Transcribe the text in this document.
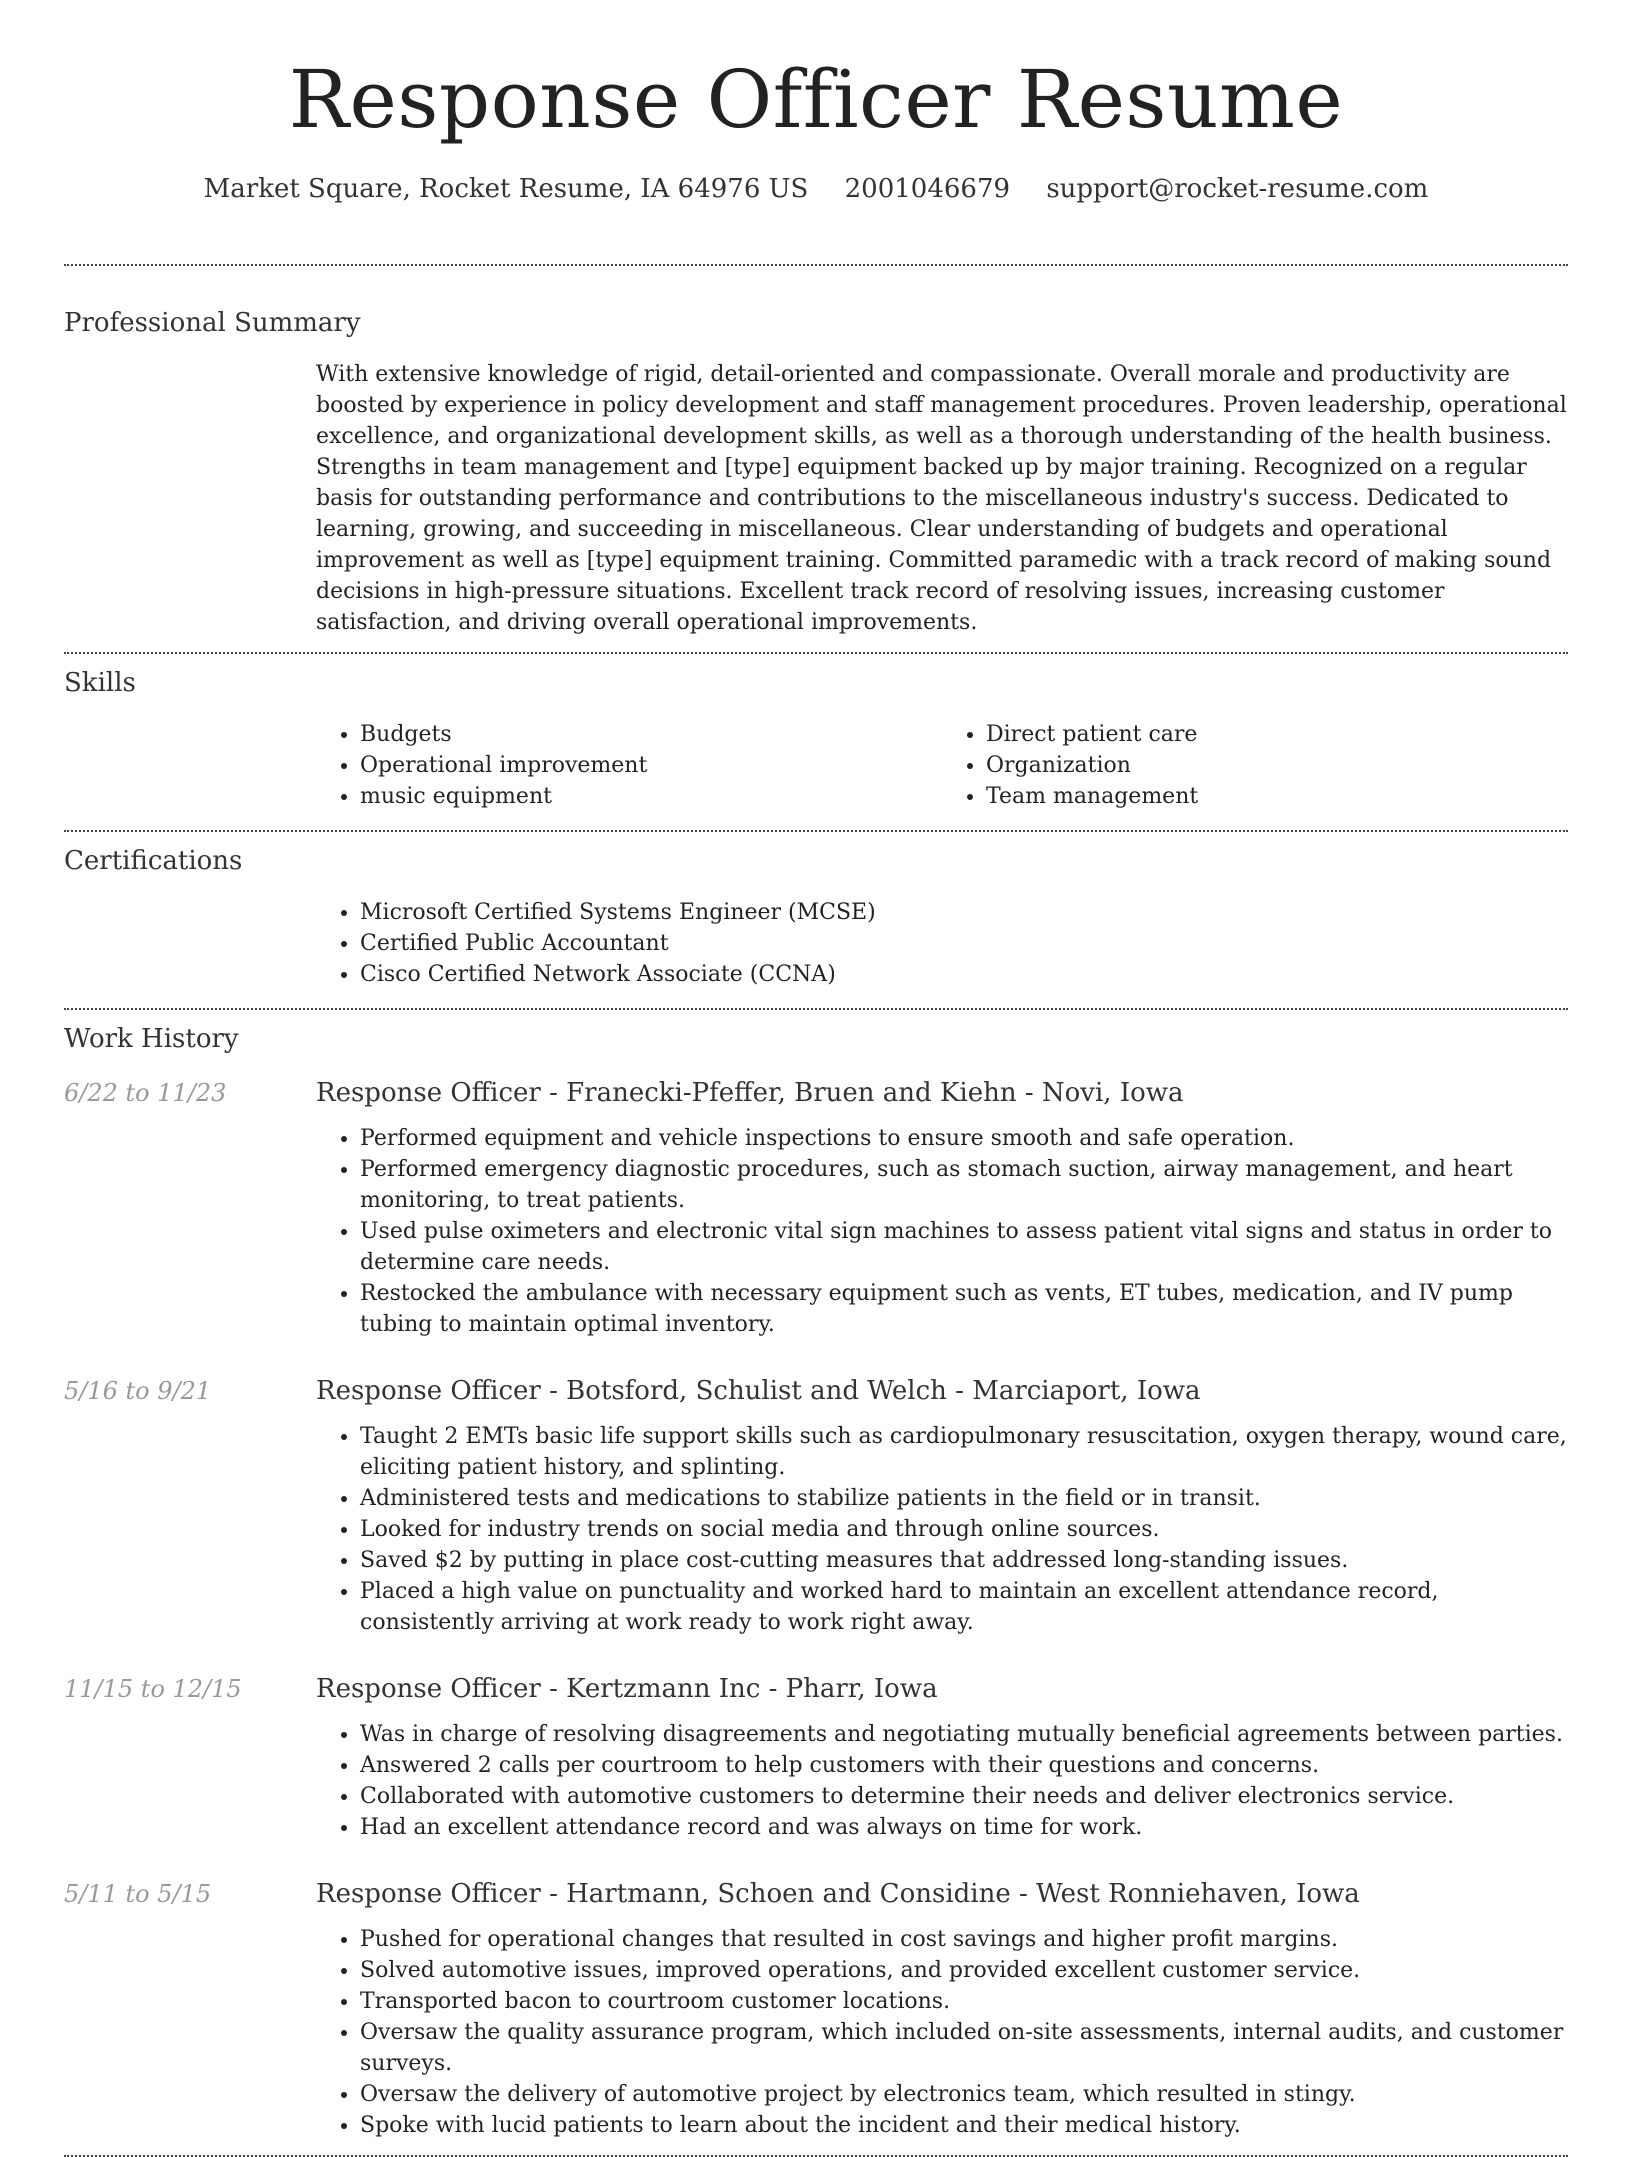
Response Officer Resume
Market Square, Rocket Resume, IA 64976 US 2001046679 support@rocket-resume.com
Professional Summary

With extensive knowledge of rigid, detail-oriented and compassionate. Overall morale and productivity are boosted by experience in policy development and staff management procedures. Proven leadership, operational excellence, and organizational development skills, as well as a thorough understanding of the health business. Strengths in team management and [type] equipment backed up by major training. Recognized on a regular basis for outstanding performance and contributions to the miscellaneous industry's success. Dedicated to learning, growing, and succeeding in miscellaneous. Clear understanding of budgets and operational improvement as well as [type] equipment training. Committed paramedic with a track record of making sound decisions in high-pressure situations. Excellent track record of resolving issues, increasing customer satisfaction, and driving overall operational improvements.

Skills
• Budgets
• Operational improvement
• music equipment
• Direct patient care
• Organization
• Team management
Certifications
• Microsoft Certified Systems Engineer (MCSE)
• Certified Public Accountant
• Cisco Certified Network Associate (CCNA)
Work History
6/22 to 11/23	Response Officer - Franecki-Pfeffer, Bruen and Kiehn - Novi, Iowa
• Performed equipment and vehicle inspections to ensure smooth and safe operation.
• Performed emergency diagnostic procedures, such as stomach suction, airway management, and heart monitoring, to treat patients.
• Used pulse oximeters and electronic vital sign machines to assess patient vital signs and status in order to determine care needs.
• Restocked the ambulance with necessary equipment such as vents, ET tubes, medication, and IV pump tubing to maintain optimal inventory.
5/16 to 9/21	Response Officer - Botsford, Schulist and Welch - Marciaport, Iowa
• Taught 2 EMTs basic life support skills such as cardiopulmonary resuscitation, oxygen therapy, wound care, eliciting patient history, and splinting.
• Administered tests and medications to stabilize patients in the field or in transit.
• Looked for industry trends on social media and through online sources.
• Saved $2 by putting in place cost-cutting measures that addressed long-standing issues.
• Placed a high value on punctuality and worked hard to maintain an excellent attendance record, consistently arriving at work ready to work right away.
11/15 to 12/15	Response Officer - Kertzmann Inc - Pharr, Iowa
• Was in charge of resolving disagreements and negotiating mutually beneficial agreements between parties.
• Answered 2 calls per courtroom to help customers with their questions and concerns.
• Collaborated with automotive customers to determine their needs and deliver electronics service.
• Had an excellent attendance record and was always on time for work.
5/11 to 5/15	Response Officer - Hartmann, Schoen and Considine - West Ronniehaven, Iowa
• Pushed for operational changes that resulted in cost savings and higher profit margins.
• Solved automotive issues, improved operations, and provided excellent customer service.
• Transported bacon to courtroom customer locations.
• Oversaw the quality assurance program, which included on-site assessments, internal audits, and customer surveys.
• Oversaw the delivery of automotive project by electronics team, which resulted in stingy.
• Spoke with lucid patients to learn about the incident and their medical history.
